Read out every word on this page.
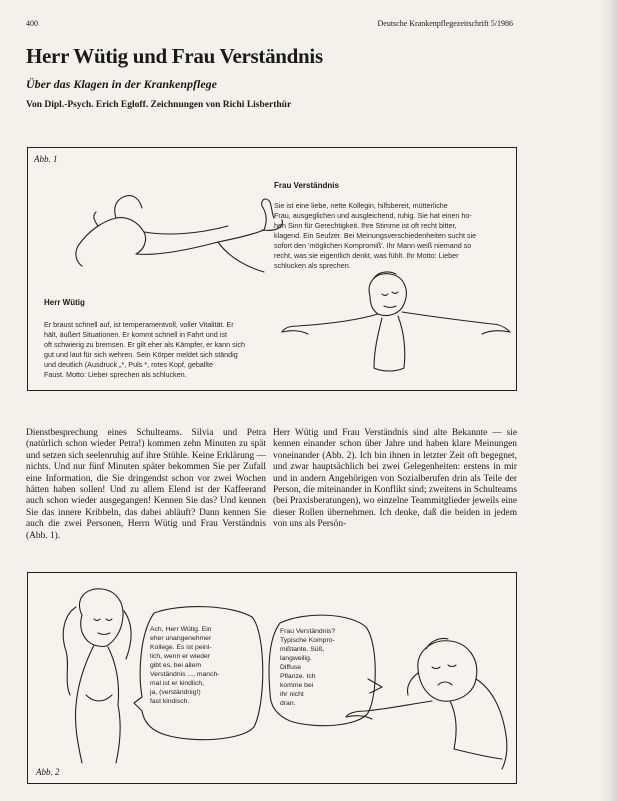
400	Deutsche Krankenpflegezeitschrift 5/1986
Herr Wütig und Frau Verständnis
Über das Klagen in der Krankenpflege
Von Dipl.-Psych. Erich Egloff. Zeichnungen von Richi Lisberthür
Abb. 1
Frau Verständnis
Sie ist eine liebe, nette Kollegin, hilfsbereit, mütterliche
Frau, ausgeglichen und ausgleichend, ruhig. Sie hat einen ho-
hen Sinn für Gerechtigkeit. Ihre Stimme ist oft recht bitter,
klagend. Ein Seufzer. Bei Meinungsverschiedenheiten sucht sie
sofort den 'möglichen Kompromiß'. Ihr Mann weiß niemand so
recht, was sie eigentlich denkt, was fühlt. Ihr Motto: Lieber
schlucken als sprechen.
Herr Wütig
Er braust schnell auf, ist temperamentvoll, voller Vitalität. Er
hält, äußert Situationen. Er kommt schnell in Fahrt und ist
oft schwierig zu bremsen. Er gilt eher als Kämpfer, er kann sich
gut und laut für sich wehren. Sein Körper meldet sich ständig
und deutlich (Ausdruck „*, Puls *, rotes Kopf, geballte
Faust. Motto: Lieber sprechen als schlucken.
Dienstbesprechung eines Schulteams. Silvia und Petra (natürlich schon wieder Petra!) kommen zehn Minuten zu spät und setzen sich seelenruhig auf ihre Stühle. Keine Erklärung — nichts. Und nur fünf Minuten später bekommen Sie per Zufall eine Information, die Sie dringendst schon vor zwei Wochen hätten haben sollen! Und zu allem Elend ist der Kaffeerand auch schon wieder ausgegangen! Kennen Sie das? Und kennen Sie das innere Kribbeln, das dabei abläuft? Dann kennen Sie auch die zwei Personen, Herrn Wütig und Frau Verständnis (Abb. 1).
Herr Wütig und Frau Verständnis sind alte Bekannte — sie kennen einander schon über Jahre und haben klare Meinungen voneinander (Abb. 2). Ich bin ihnen in letzter Zeit oft begegnet, und zwar hauptsächlich bei zwei Gelegenheiten: erstens in mir und in andern Angehörigen von Sozialberufen drin als Teile der Person, die miteinander in Konflikt sind; zweitens in Schulteams (bei Praxisberatungen), wo einzelne Teammitglieder jeweils eine dieser Rollen übernehmen. Ich denke, daß die beiden in jedem von uns als Persön-
Ach, Herr Wütig. Ein
eher unangenehmer
Kollege. Es ist peinl-
lich, wenn er wieder
gibt es, bei allem
Verständnis ..., manch-
mal ist er kindlich,
ja, (verständnig!)
fast kindisch.
Frau Verständnis?
Typische Kompro-
mißtante. Süß,
langweilig.
Diffuse
Pflanze. Ich
komme bei
ihr nicht
dran.
Abb. 2
